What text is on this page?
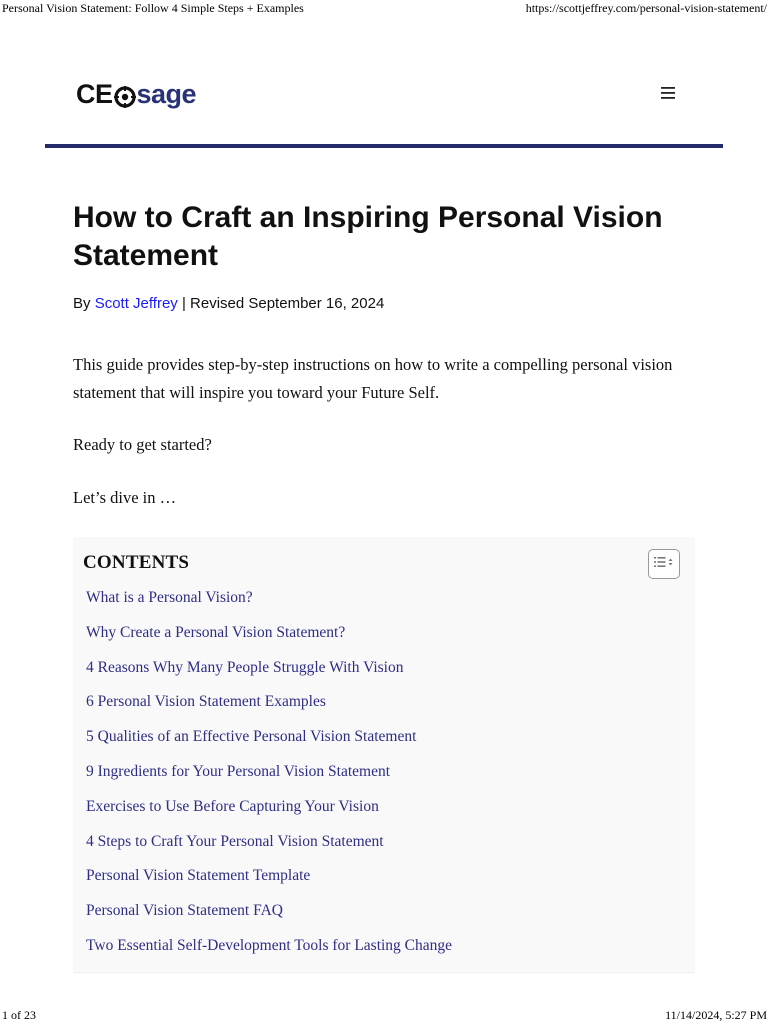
Personal Vision Statement: Follow 4 Simple Steps + Examples	https://scottjeffrey.com/personal-vision-statement/
CE sage
How to Craft an Inspiring Personal Vision Statement
By Scott Jeffrey | Revised September 16, 2024

This guide provides step-by-step instructions on how to write a compelling personal vision statement that will inspire you toward your Future Self.

Ready to get started?

Let’s dive in …

CONTENTS
What is a Personal Vision?
Why Create a Personal Vision Statement?
4 Reasons Why Many People Struggle With Vision
6 Personal Vision Statement Examples
5 Qualities of an Effective Personal Vision Statement
9 Ingredients for Your Personal Vision Statement
Exercises to Use Before Capturing Your Vision
4 Steps to Craft Your Personal Vision Statement
Personal Vision Statement Template
Personal Vision Statement FAQ
Two Essential Self-Development Tools for Lasting Change
1 of 23	11/14/2024, 5:27 PM
